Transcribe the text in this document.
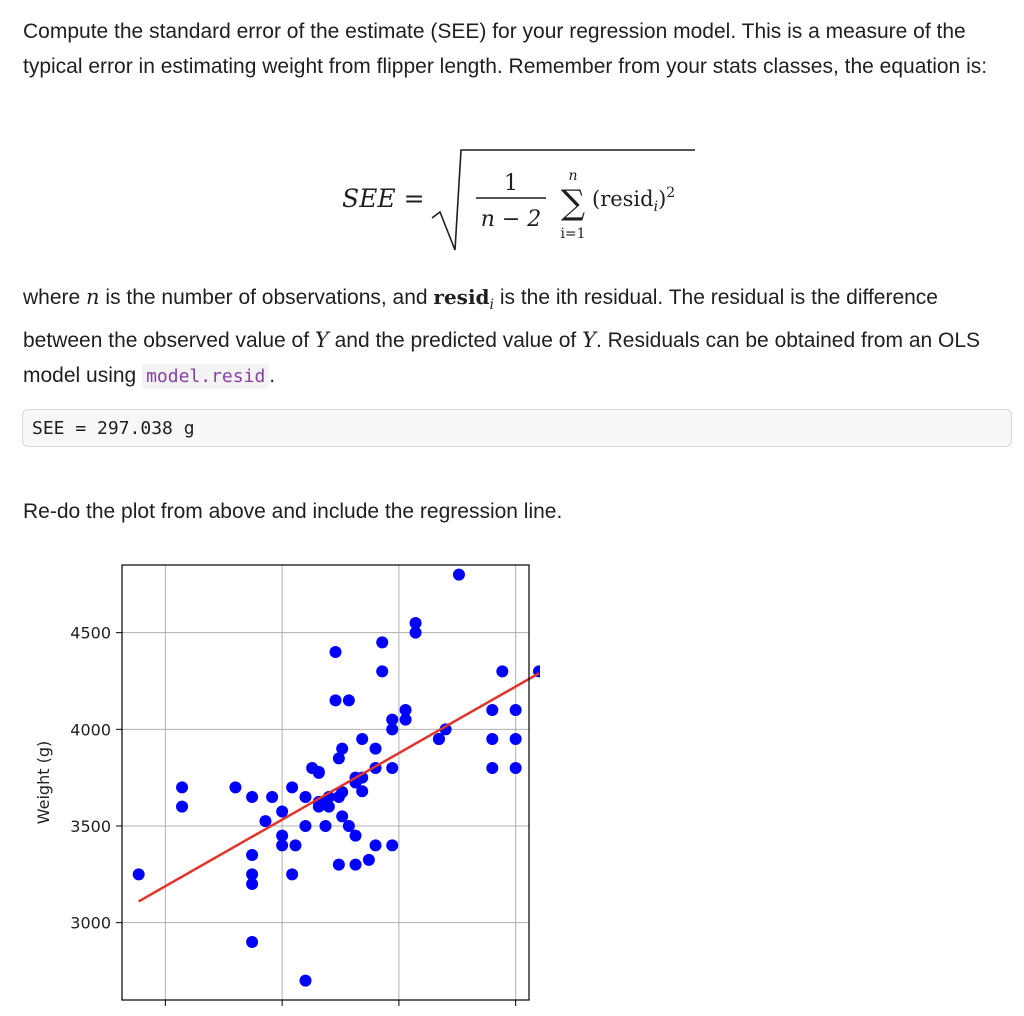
Compute the standard error of the estimate (SEE) for your regression model. This is a measure of the typical error in estimating weight from flipper length. Remember from your stats classes, the equation is:

SEE =
1
n − 2
n
∑
i=1
(resid$_i$)$^2$

where n is the number of observations, and resid$_i$ is the ith residual. The residual is the difference between the observed value of Y and the predicted value of Y. Residuals can be obtained from an OLS model using model.resid .

SEE = 297.038 g

Re-do the plot from above and include the regression line.

3000
3500
4000
4500
Weight (g)
